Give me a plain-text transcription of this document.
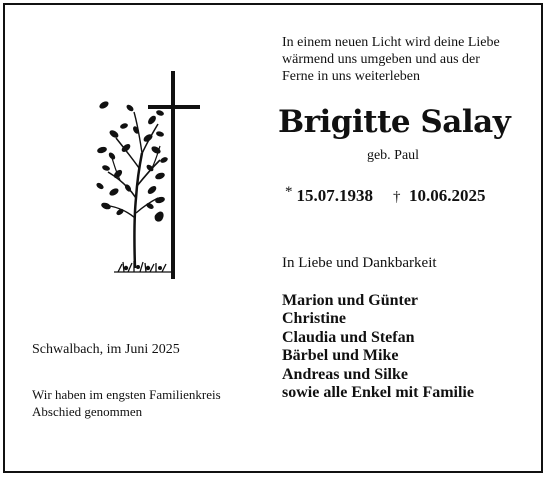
In einem neuen Licht wird deine Liebe
wärmend uns umgeben und aus der
Ferne in uns weiterleben
Brigitte Salay
geb. Paul
* 15.07.1938 † 10.06.2025
In Liebe und Dankbarkeit
Marion und Günter
Christine
Claudia und Stefan
Bärbel und Mike
Andreas und Silke
sowie alle Enkel mit Familie
Schwalbach, im Juni 2025
Wir haben im engsten Familienkreis
Abschied genommen
